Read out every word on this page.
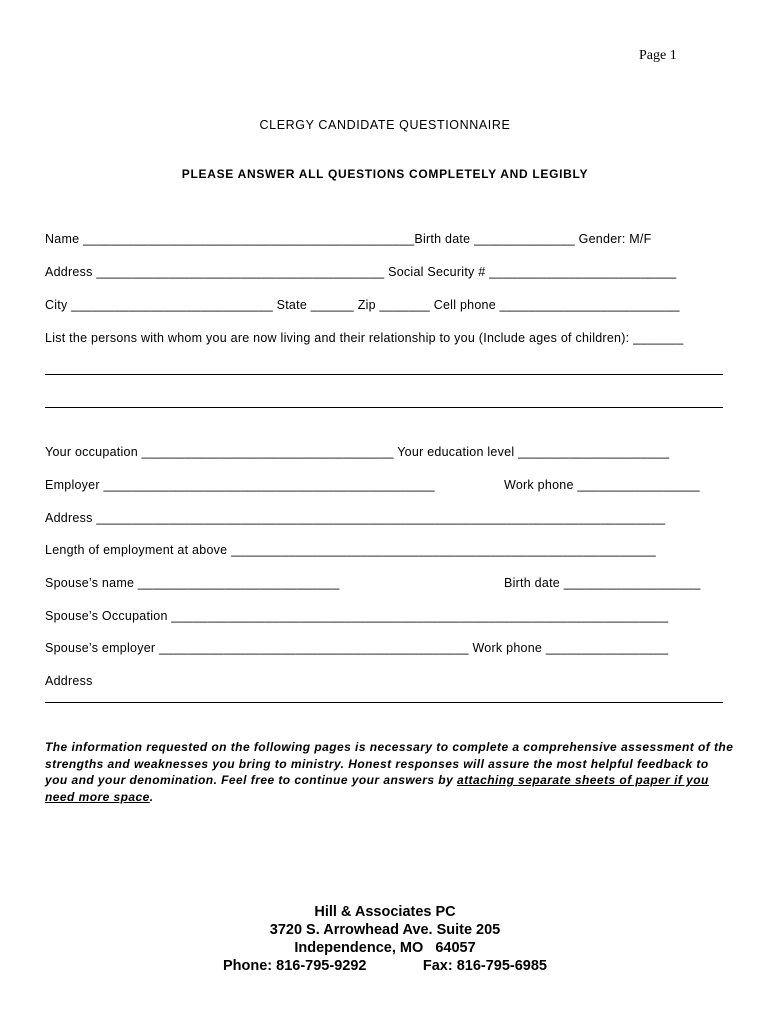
Page 1
CLERGY CANDIDATE QUESTIONNAIRE
PLEASE ANSWER ALL QUESTIONS COMPLETELY AND LEGIBLY
Name ______________________________________________Birth date ______________ Gender: M/F
Address ________________________________________ Social Security # __________________________
City ____________________________ State ______ Zip _______ Cell phone _________________________
List the persons with whom you are now living and their relationship to you (Include ages of children): _______
Your occupation ___________________________________ Your education level _____________________
Employer ______________________________________________	Work phone _________________
Address _______________________________________________________________________________
Length of employment at above ___________________________________________________________
Spouse’s name ____________________________	Birth date ___________________
Spouse’s Occupation _____________________________________________________________________
Spouse’s employer ___________________________________________ Work phone _________________
Address
The information requested on the following pages is necessary to complete a comprehensive assessment of the strengths and weaknesses you bring to ministry. Honest responses will assure the most helpful feedback to you and your denomination. Feel free to continue your answers by attaching separate sheets of paper if you need more space.
Hill & Associates PC
3720 S. Arrowhead Ave. Suite 205
Independence, MO   64057
Phone: 816-795-9292              Fax: 816-795-6985
